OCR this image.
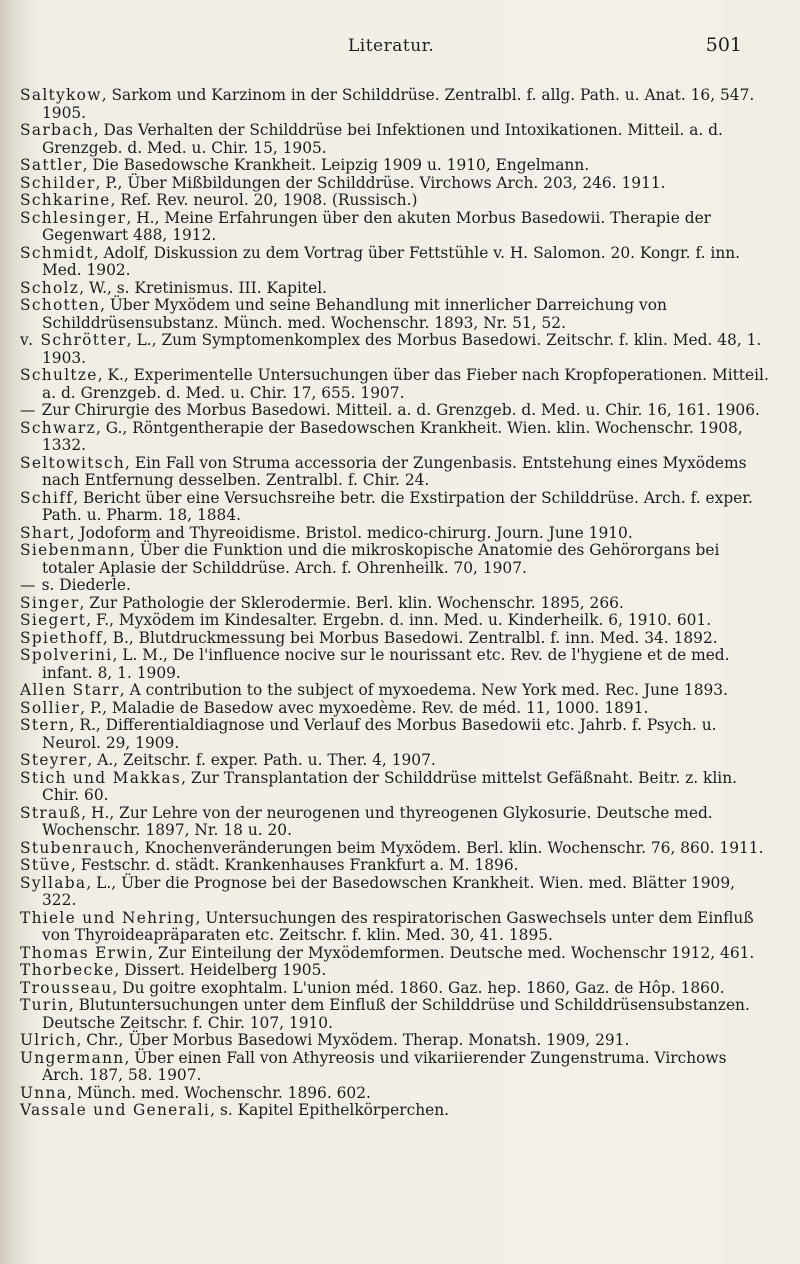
Literatur.	501

Saltykow, Sarkom und Karzinom in der Schilddrüse. Zentralbl. f. allg. Path. u. Anat. 16, 547. 1905.

Sarbach, Das Verhalten der Schilddrüse bei Infektionen und Intoxikationen. Mitteil. a. d. Grenzgeb. d. Med. u. Chir. 15, 1905.

Sattler, Die Basedowsche Krankheit. Leipzig 1909 u. 1910, Engelmann.

Schilder, P., Über Mißbildungen der Schilddrüse. Virchows Arch. 203, 246. 1911.

Schkarine, Ref. Rev. neurol. 20, 1908. (Russisch.)

Schlesinger, H., Meine Erfahrungen über den akuten Morbus Basedowii. Therapie der Gegenwart 488, 1912.

Schmidt, Adolf, Diskussion zu dem Vortrag über Fettstühle v. H. Salomon. 20. Kongr. f. inn. Med. 1902.

Scholz, W., s. Kretinismus. III. Kapitel.

Schotten, Über Myxödem und seine Behandlung mit innerlicher Darreichung von Schilddrüsensubstanz. Münch. med. Wochenschr. 1893, Nr. 51, 52.

v. Schrötter, L., Zum Symptomenkomplex des Morbus Basedowi. Zeitschr. f. klin. Med. 48, 1. 1903.

Schultze, K., Experimentelle Untersuchungen über das Fieber nach Kropfoperationen. Mitteil. a. d. Grenzgeb. d. Med. u. Chir. 17, 655. 1907.

— Zur Chirurgie des Morbus Basedowi. Mitteil. a. d. Grenzgeb. d. Med. u. Chir. 16, 161. 1906.

Schwarz, G., Röntgentherapie der Basedowschen Krankheit. Wien. klin. Wochenschr. 1908, 1332.

Seltowitsch, Ein Fall von Struma accessoria der Zungenbasis. Entstehung eines Myxödems nach Entfernung desselben. Zentralbl. f. Chir. 24.

Schiff, Bericht über eine Versuchsreihe betr. die Exstirpation der Schilddrüse. Arch. f. exper. Path. u. Pharm. 18, 1884.

Shart, Jodoform and Thyreoidisme. Bristol. medico-chirurg. Journ. June 1910.

Siebenmann, Über die Funktion und die mikroskopische Anatomie des Gehörorgans bei totaler Aplasie der Schilddrüse. Arch. f. Ohrenheilk. 70, 1907.

— s. Diederle.

Singer, Zur Pathologie der Sklerodermie. Berl. klin. Wochenschr. 1895, 266.

Siegert, F., Myxödem im Kindesalter. Ergebn. d. inn. Med. u. Kinderheilk. 6, 1910. 601.

Spiethoff, B., Blutdruckmessung bei Morbus Basedowi. Zentralbl. f. inn. Med. 34. 1892.

Spolverini, L. M., De l'influence nocive sur le nourissant etc. Rev. de l'hygiene et de med. infant. 8, 1. 1909.

Allen Starr, A contribution to the subject of myxoedema. New York med. Rec. June 1893.

Sollier, P., Maladie de Basedow avec myxoedème. Rev. de méd. 11, 1000. 1891.

Stern, R., Differentialdiagnose und Verlauf des Morbus Basedowii etc. Jahrb. f. Psych. u. Neurol. 29, 1909.

Steyrer, A., Zeitschr. f. exper. Path. u. Ther. 4, 1907.

Stich und Makkas, Zur Transplantation der Schilddrüse mittelst Gefäßnaht. Beitr. z. klin. Chir. 60.

Strauß, H., Zur Lehre von der neurogenen und thyreogenen Glykosurie. Deutsche med. Wochenschr. 1897, Nr. 18 u. 20.

Stubenrauch, Knochenveränderungen beim Myxödem. Berl. klin. Wochenschr. 76, 860. 1911.

Stüve, Festschr. d. städt. Krankenhauses Frankfurt a. M. 1896.

Syllaba, L., Über die Prognose bei der Basedowschen Krankheit. Wien. med. Blätter 1909, 322.

Thiele und Nehring, Untersuchungen des respiratorischen Gaswechsels unter dem Einfluß von Thyroideapräparaten etc. Zeitschr. f. klin. Med. 30, 41. 1895.

Thomas Erwin, Zur Einteilung der Myxödemformen. Deutsche med. Wochenschr 1912, 461.

Thorbecke, Dissert. Heidelberg 1905.

Trousseau, Du goitre exophtalm. L'union méd. 1860. Gaz. hep. 1860, Gaz. de Hôp. 1860.

Turin, Blutuntersuchungen unter dem Einfluß der Schilddrüse und Schilddrüsensubstanzen. Deutsche Zeitschr. f. Chir. 107, 1910.

Ulrich, Chr., Über Morbus Basedowi Myxödem. Therap. Monatsh. 1909, 291.

Ungermann, Über einen Fall von Athyreosis und vikariierender Zungenstruma. Virchows Arch. 187, 58. 1907.

Unna, Münch. med. Wochenschr. 1896. 602.

Vassale und Generali, s. Kapitel Epithelkörperchen.
